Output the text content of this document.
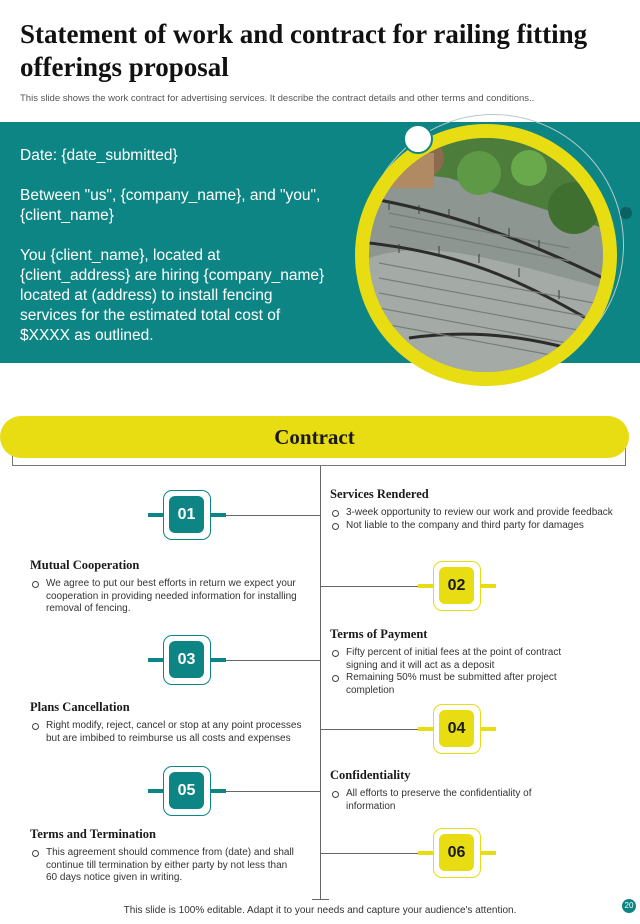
Statement of work and contract for railing fitting offerings proposal
This slide shows the work contract for advertising services. It describe the contract details and other terms and conditions..

Date: {date_submitted}

Between "us", {company_name}, and "you", {client_name}

You {client_name}, located at {client_address} are hiring {company_name} located at (address) to install fencing services for the estimated total cost of $XXXX as outlined.

Contract
01
02
03
04
05
06
Services Rendered
3-week opportunity to review our work and provide feedback
Not liable to the company and third party for damages
Mutual Cooperation
We agree to put our best efforts in return we expect your cooperation in providing needed information for installing removal of fencing.
Terms of Payment
Fifty percent of initial fees at the point of contract signing and it will act as a deposit
Remaining 50% must be submitted after project completion
Plans Cancellation
Right modify, reject, cancel or stop at any point processes but are imbibed to reimburse us all costs and expenses
Confidentiality
All efforts to preserve the confidentiality of information
Terms and Termination
This agreement should commence from (date) and shall continue till termination by either party by not less than 60 days notice given in writing.
This slide is 100% editable. Adapt it to your needs and capture your audience's attention.	20
